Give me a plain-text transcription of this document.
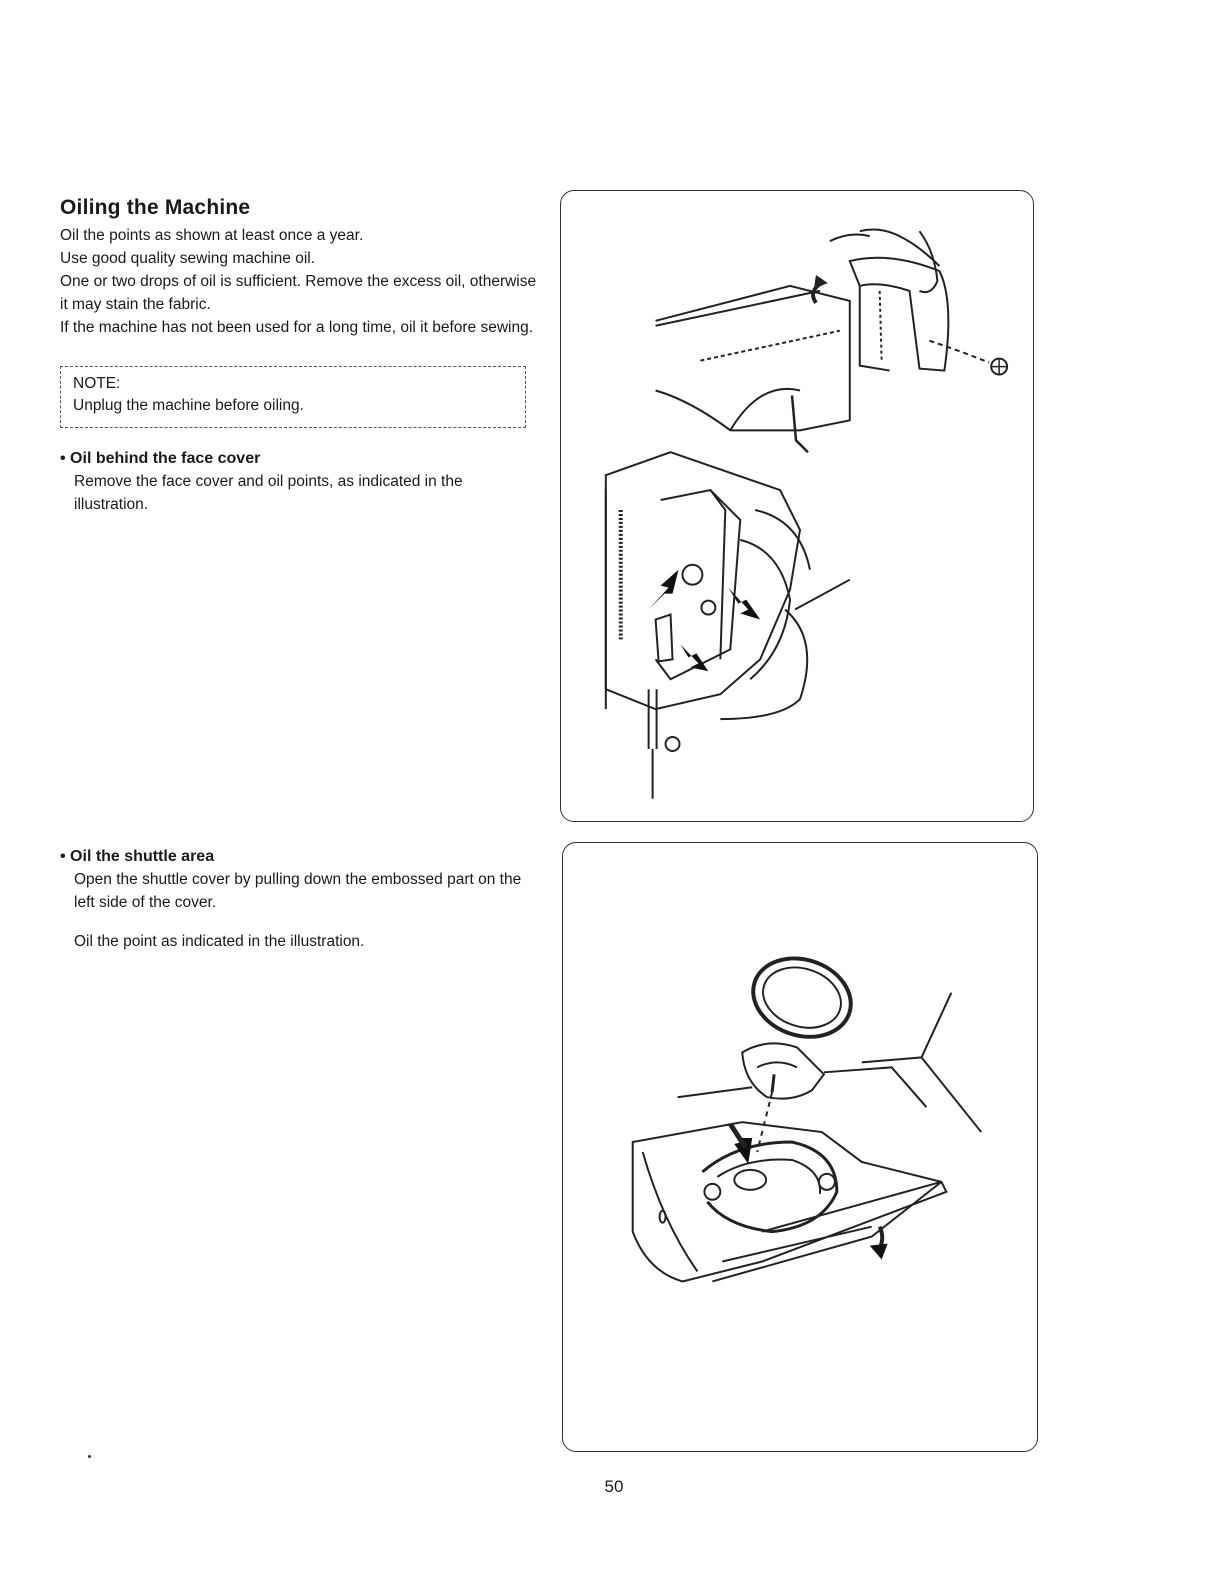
Oiling the Machine

Oil the points as shown at least once a year.

Use good quality sewing machine oil.

One or two drops of oil is sufficient. Remove the excess oil, otherwise it may stain the fabric.

If the machine has not been used for a long time, oil it before sewing.

NOTE:
Unplug the machine before oiling.
• Oil behind the face cover

Remove the face cover and oil points, as indicated in the illustration.

• Oil the shuttle area

Open the shuttle cover by pulling down the embossed part on the left side of the cover.

Oil the point as indicated in the illustration.

50
